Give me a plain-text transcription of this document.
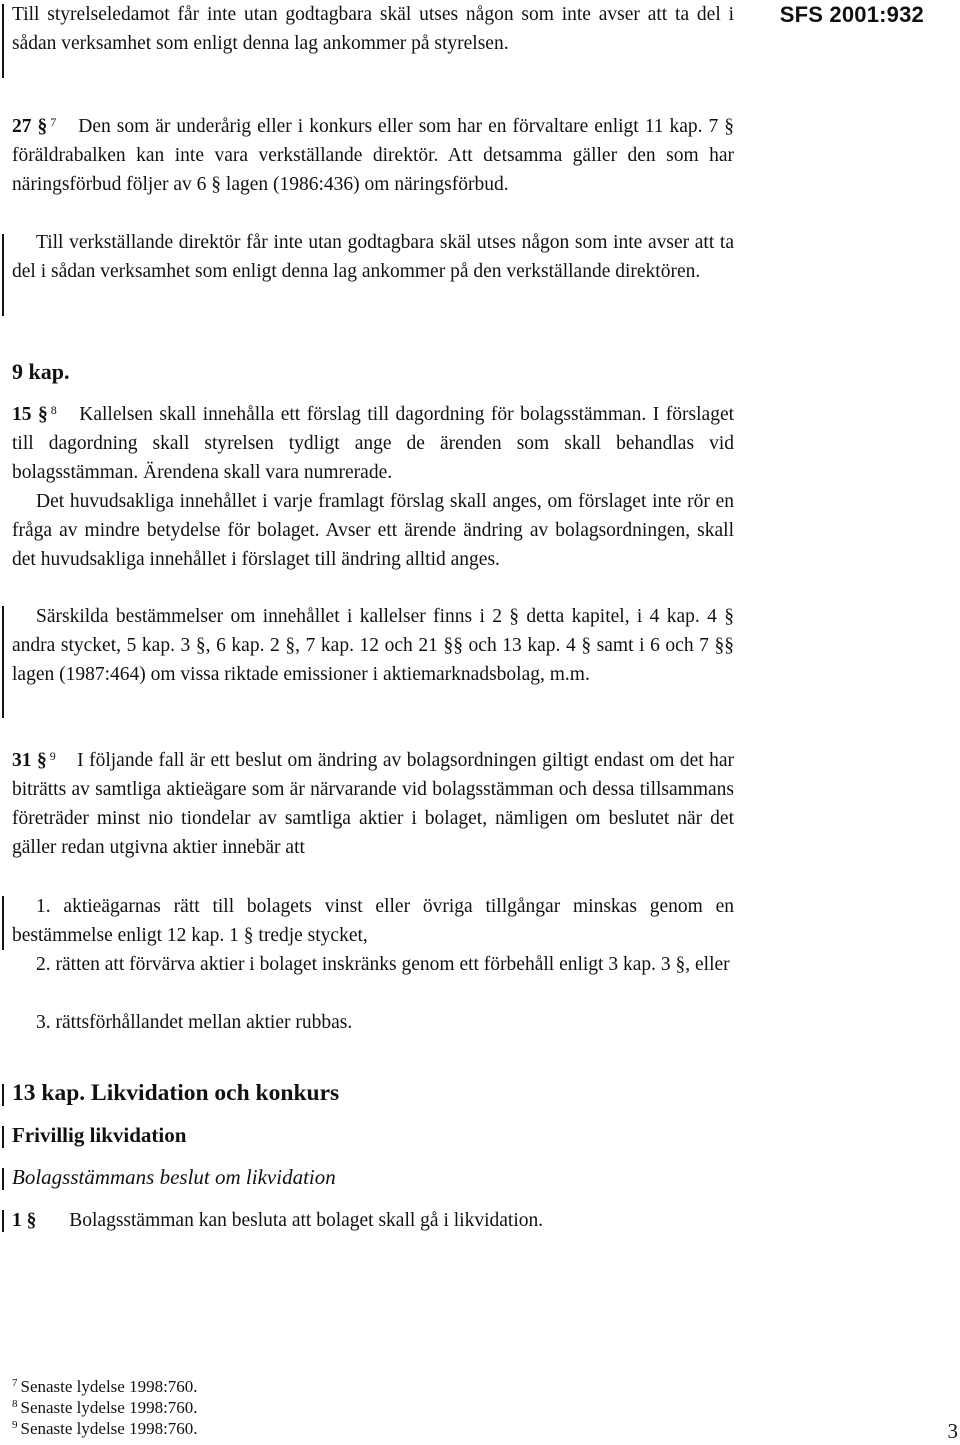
SFS 2001:932
Till styrelseledamot får inte utan godtagbara skäl utses någon som inte avser att ta del i sådan verksamhet som enligt denna lag ankommer på styrelsen.
27 § $^7$ Den som är underårig eller i konkurs eller som har en förvaltare enligt 11 kap. 7 § föräldrabalken kan inte vara verkställande direktör. Att detsamma gäller den som har näringsförbud följer av 6 § lagen (1986:436) om näringsförbud.
Till verkställande direktör får inte utan godtagbara skäl utses någon som inte avser att ta del i sådan verksamhet som enligt denna lag ankommer på den verkställande direktören.
9 kap.
15 § $^8$ Kallelsen skall innehålla ett förslag till dagordning för bolagsstämman. I förslaget till dagordning skall styrelsen tydligt ange de ärenden som skall behandlas vid bolagsstämman. Ärendena skall vara numrerade.
Det huvudsakliga innehållet i varje framlagt förslag skall anges, om förslaget inte rör en fråga av mindre betydelse för bolaget. Avser ett ärende ändring av bolagsordningen, skall det huvudsakliga innehållet i förslaget till ändring alltid anges.
Särskilda bestämmelser om innehållet i kallelser finns i 2 § detta kapitel, i 4 kap. 4 § andra stycket, 5 kap. 3 §, 6 kap. 2 §, 7 kap. 12 och 21 §§ och 13 kap. 4 § samt i 6 och 7 §§ lagen (1987:464) om vissa riktade emissioner i aktiemarknadsbolag, m.m.
31 § $^9$ I följande fall är ett beslut om ändring av bolagsordningen giltigt endast om det har biträtts av samtliga aktieägare som är närvarande vid bolagsstämman och dessa tillsammans företräder minst nio tiondelar av samtliga aktier i bolaget, nämligen om beslutet när det gäller redan utgivna aktier innebär att
1. aktieägarnas rätt till bolagets vinst eller övriga tillgångar minskas genom en bestämmelse enligt 12 kap. 1 § tredje stycket,
2. rätten att förvärva aktier i bolaget inskränks genom ett förbehåll enligt 3 kap. 3 §, eller
3. rättsförhållandet mellan aktier rubbas.
13 kap. Likvidation och konkurs
Frivillig likvidation
Bolagsstämmans beslut om likvidation
1 § Bolagsstämman kan besluta att bolaget skall gå i likvidation.
$^7$ Senaste lydelse 1998:760.
$^8$ Senaste lydelse 1998:760.
$^9$ Senaste lydelse 1998:760.	3
